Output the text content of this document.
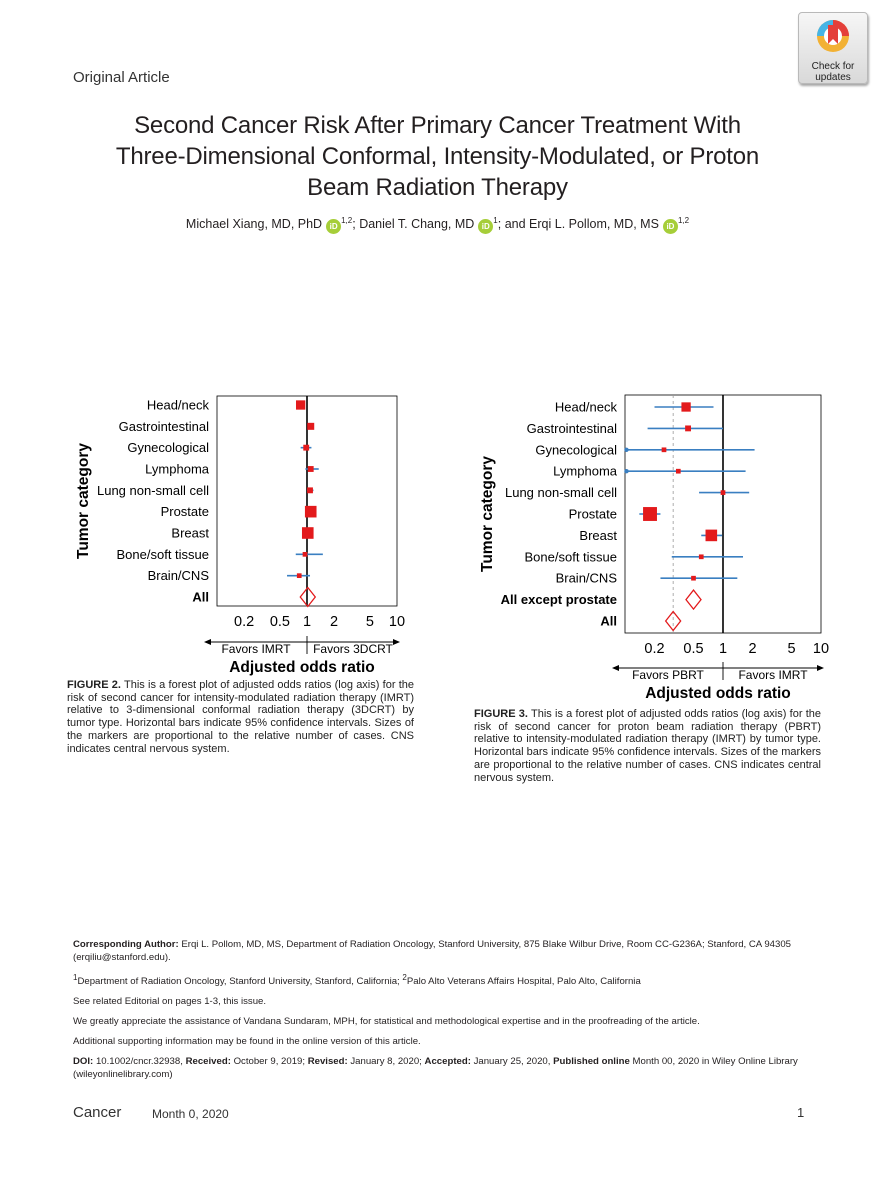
Check for
updates
Original Article
Second Cancer Risk After Primary Cancer Treatment With
Three-Dimensional Conformal, Intensity-Modulated, or Proton
Beam Radiation Therapy
Michael Xiang, MD, PhD iD$^{1,2}$; Daniel T. Chang, MD $iD^1$; and Erqi L. Pollom, MD, MS iD$^{1,2}$
Head/neck
Gastrointestinal
Gynecological
Lymphoma
Lung non-small cell
Prostate
Breast
Bone/soft tissue
Brain/CNS
All
0.2 0.5 1 2 5 10
Favors IMRT Favors 3DCRT
Adjusted odds ratio
Tumor category
Head/neck
Gastrointestinal
Gynecological
Lymphoma
Lung non-small cell
Prostate
Breast
Bone/soft tissue
Brain/CNS
All except prostate
All
0.2 0.5 1 2 5 10
Favors PBRT	Favors IMRT
Adjusted odds ratio
Tumor category
FIGURE 2. This is a forest plot of adjusted odds ratios (log axis) for the risk of second cancer for intensity-modulated radiation therapy (IMRT) relative to 3-dimensional conformal radiation therapy (3DCRT) by tumor type. Horizontal bars indicate 95% confidence intervals. Sizes of the markers are proportional to the relative number of cases. CNS indicates central nervous system.
FIGURE 3. This is a forest plot of adjusted odds ratios (log axis) for the risk of second cancer for proton beam radiation therapy (PBRT) relative to intensity-modulated radiation therapy (IMRT) by tumor type. Horizontal bars indicate 95% confidence intervals. Sizes of the markers are proportional to the relative number of cases. CNS indicates central nervous system.

Corresponding Author: Erqi L. Pollom, MD, MS, Department of Radiation Oncology, Stanford University, 875 Blake Wilbur Drive, Room CC-G236A; Stanford, CA 94305 (erqiliu@stanford.edu).

$^1$Department of Radiation Oncology, Stanford University, Stanford, California; $^2$Palo Alto Veterans Affairs Hospital, Palo Alto, California

See related Editorial on pages 1-3, this issue.

We greatly appreciate the assistance of Vandana Sundaram, MPH, for statistical and methodological expertise and in the proofreading of the article.

Additional supporting information may be found in the online version of this article.

DOI: 10.1002/cncr.32938, Received: October 9, 2019; Revised: January 8, 2020; Accepted: January 25, 2020, Published online Month 00, 2020 in Wiley Online Library (wileyonlinelibrary.com)

Cancer	Month 0, 2020	1
